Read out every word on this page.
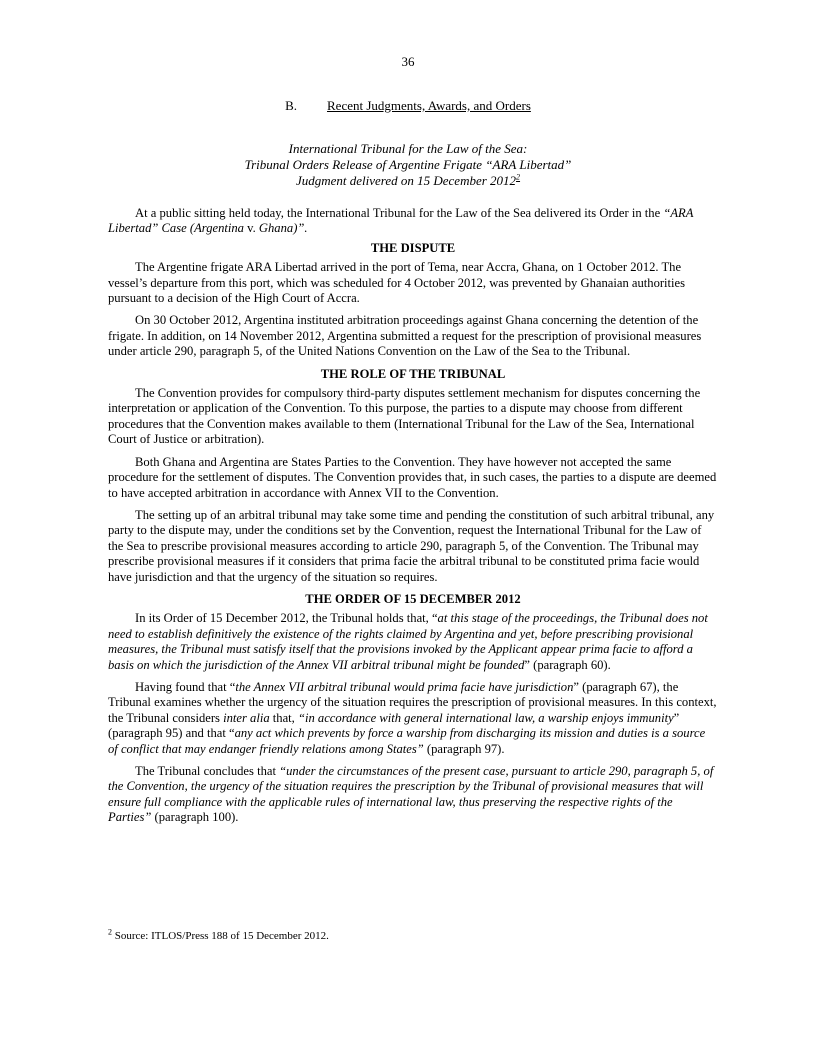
36
B. Recent Judgments, Awards, and Orders
International Tribunal for the Law of the Sea:
Tribunal Orders Release of Argentine Frigate “ARA Libertad”
Judgment delivered on 15 December 2012$^2$

At a public sitting held today, the International Tribunal for the Law of the Sea delivered its Order in the “ARA Libertad” Case (Argentina v. Ghana)”.

THE DISPUTE

The Argentine frigate ARA Libertad arrived in the port of Tema, near Accra, Ghana, on 1 October 2012. The vessel’s departure from this port, which was scheduled for 4 October 2012, was prevented by Ghanaian authorities pursuant to a decision of the High Court of Accra.

On 30 October 2012, Argentina instituted arbitration proceedings against Ghana concerning the detention of the frigate. In addition, on 14 November 2012, Argentina submitted a request for the prescription of provisional measures under article 290, paragraph 5, of the United Nations Convention on the Law of the Sea to the Tribunal.

THE ROLE OF THE TRIBUNAL

The Convention provides for compulsory third-party disputes settlement mechanism for disputes concerning the interpretation or application of the Convention. To this purpose, the parties to a dispute may choose from different procedures that the Convention makes available to them (International Tribunal for the Law of the Sea, International Court of Justice or arbitration).

Both Ghana and Argentina are States Parties to the Convention. They have however not accepted the same procedure for the settlement of disputes. The Convention provides that, in such cases, the parties to a dispute are deemed to have accepted arbitration in accordance with Annex VII to the Convention.

The setting up of an arbitral tribunal may take some time and pending the constitution of such arbitral tribunal, any party to the dispute may, under the conditions set by the Convention, request the International Tribunal for the Law of the Sea to prescribe provisional measures according to article 290, paragraph 5, of the Convention. The Tribunal may prescribe provisional measures if it considers that prima facie the arbitral tribunal to be constituted prima facie would have jurisdiction and that the urgency of the situation so requires.

THE ORDER OF 15 DECEMBER 2012

In its Order of 15 December 2012, the Tribunal holds that, “at this stage of the proceedings, the Tribunal does not need to establish definitively the existence of the rights claimed by Argentina and yet, before prescribing provisional measures, the Tribunal must satisfy itself that the provisions invoked by the Applicant appear prima facie to afford a basis on which the jurisdiction of the Annex VII arbitral tribunal might be founded” (paragraph 60).

Having found that “the Annex VII arbitral tribunal would prima facie have jurisdiction” (paragraph 67), the Tribunal examines whether the urgency of the situation requires the prescription of provisional measures. In this context, the Tribunal considers inter alia that, “in accordance with general international law, a warship enjoys immunity” (paragraph 95) and that “any act which prevents by force a warship from discharging its mission and duties is a source of conflict that may endanger friendly relations among States” (paragraph 97).

The Tribunal concludes that “under the circumstances of the present case, pursuant to article 290, paragraph 5, of the Convention, the urgency of the situation requires the prescription by the Tribunal of provisional measures that will ensure full compliance with the applicable rules of international law, thus preserving the respective rights of the Parties” (paragraph 100).

$^2$ Source: ITLOS/Press 188 of 15 December 2012.
